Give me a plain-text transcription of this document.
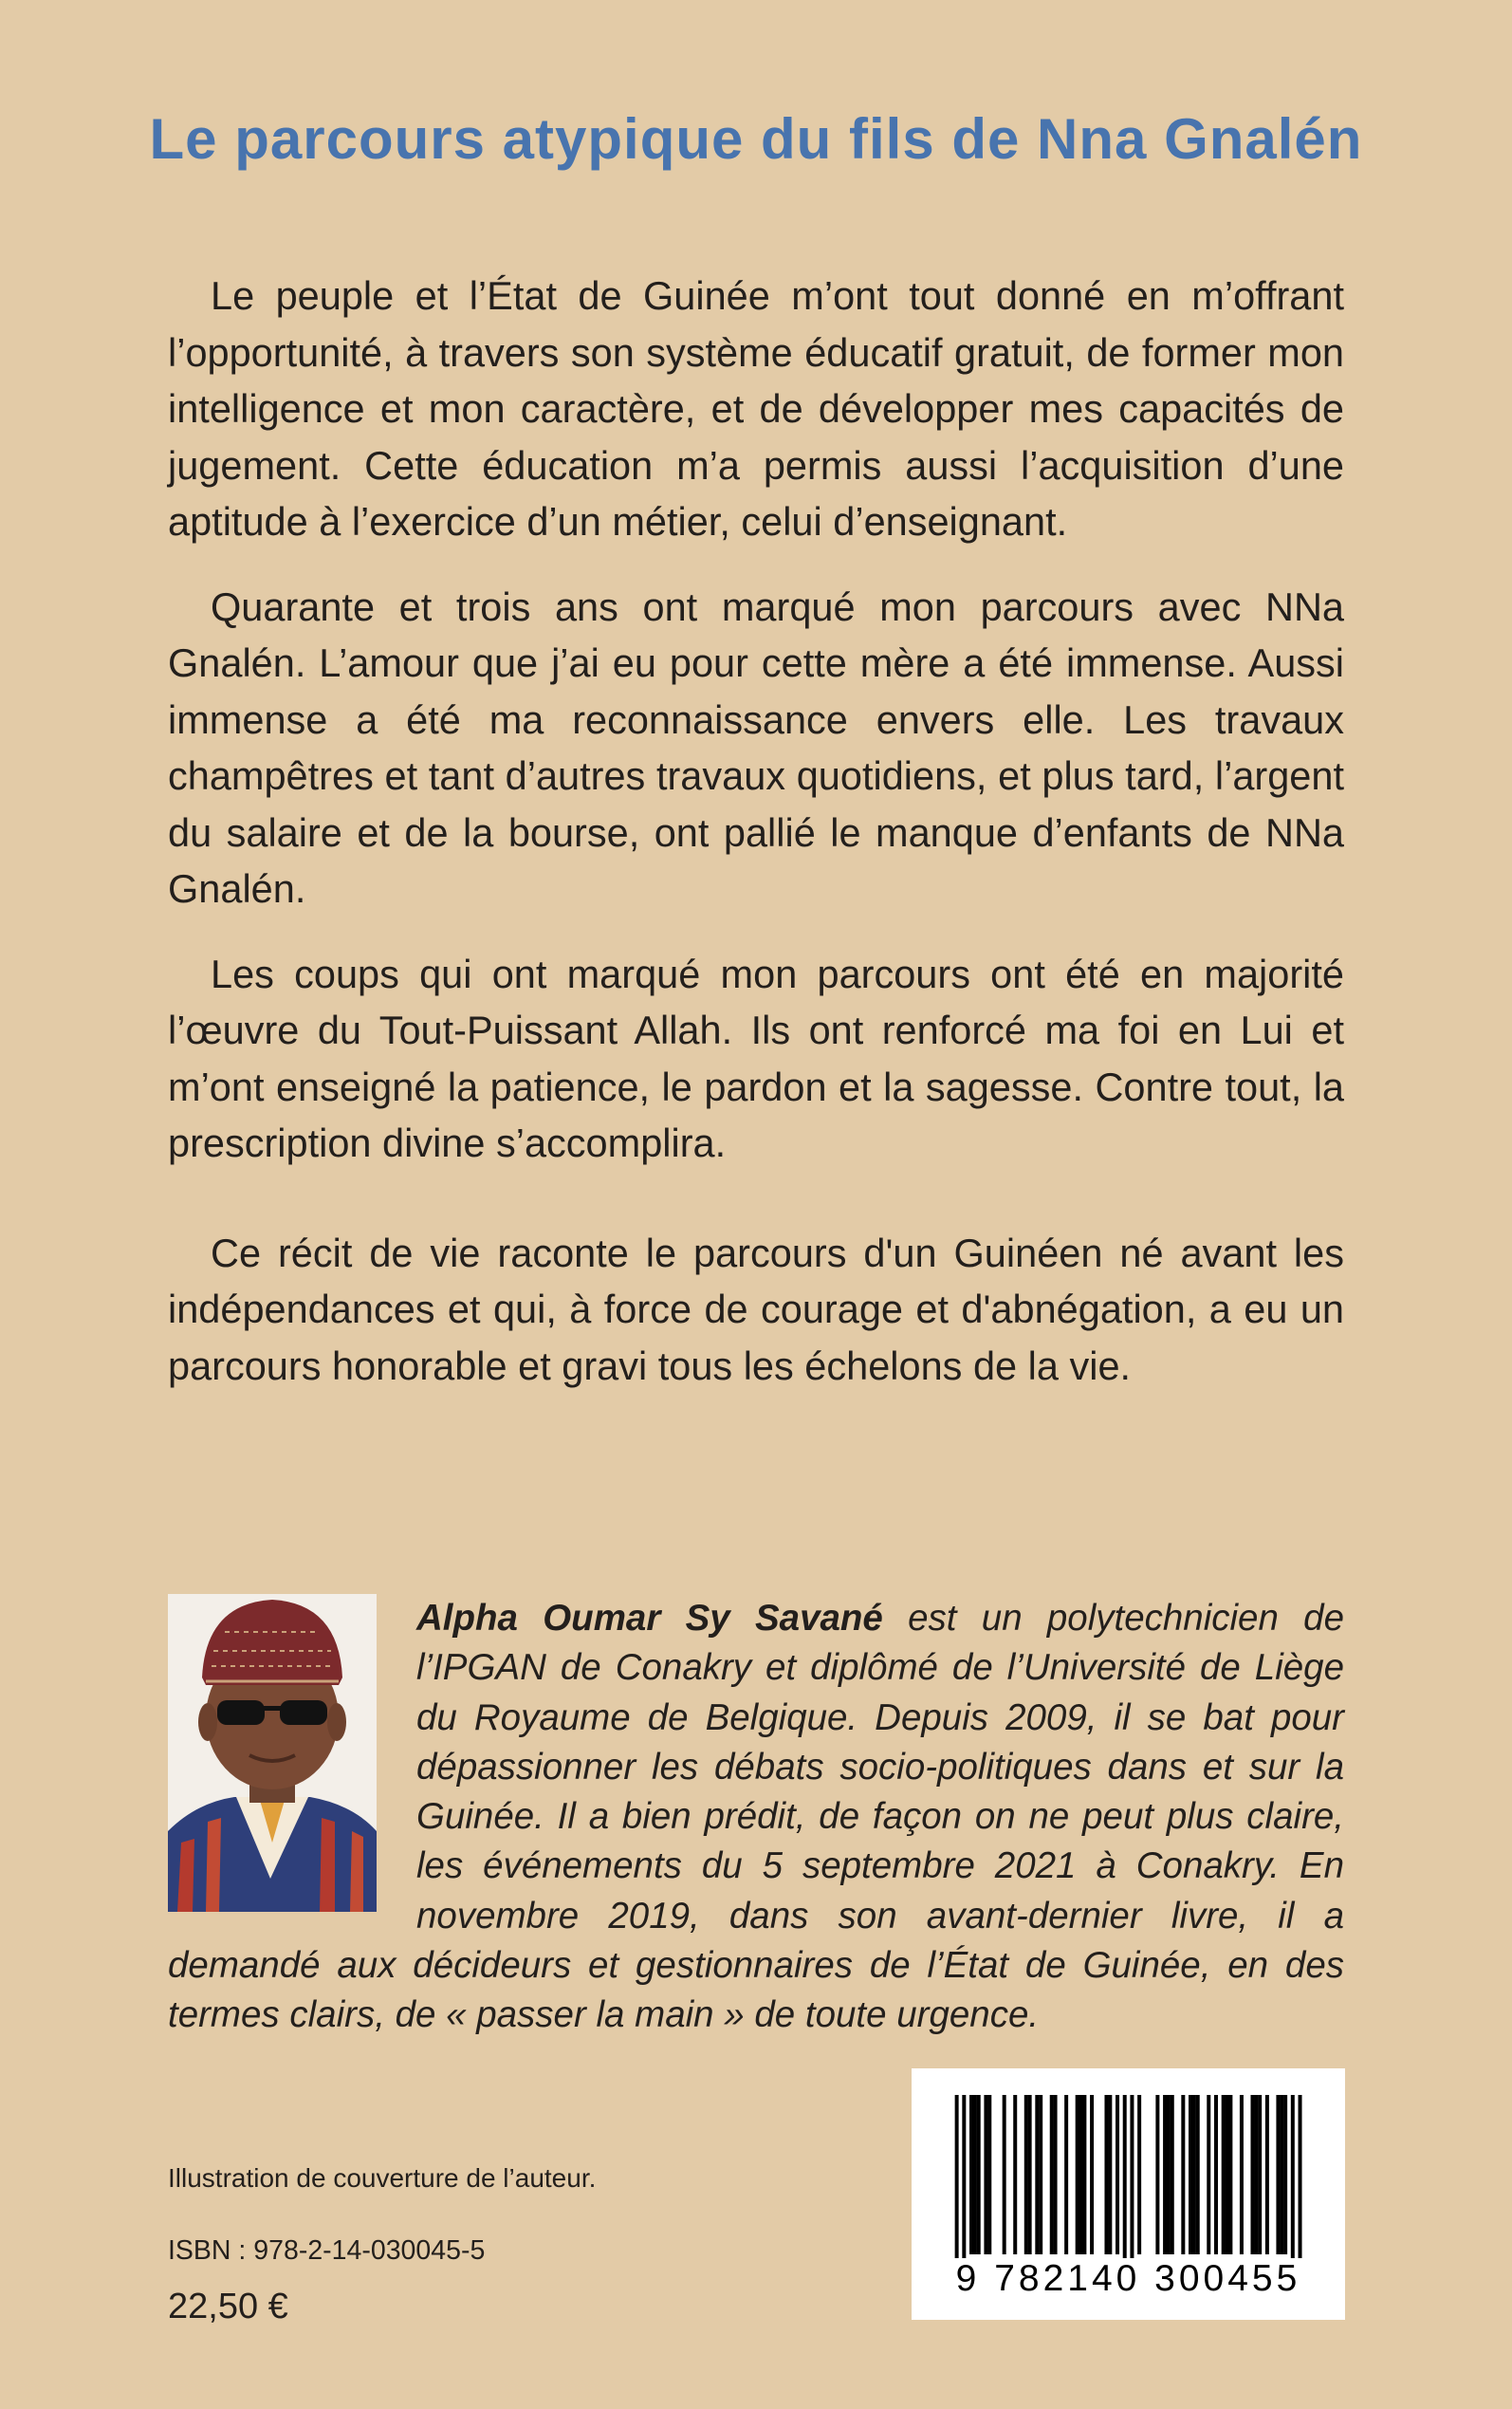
Le parcours atypique du fils de Nna Gnalén

Le peuple et l’État de Guinée m’ont tout donné en m’offrant l’opportunité, à travers son système éducatif gratuit, de former mon intelligence et mon caractère, et de développer mes capacités de jugement. Cette éducation m’a permis aussi l’acquisition d’une aptitude à l’exercice d’un métier, celui d’enseignant.

Quarante et trois ans ont marqué mon parcours avec NNa Gnalén. L’amour que j’ai eu pour cette mère a été immense. Aussi immense a été ma reconnaissance envers elle. Les travaux champêtres et tant d’autres travaux quotidiens, et plus tard, l’argent du salaire et de la bourse, ont pallié le manque d’enfants de NNa Gnalén.

Les coups qui ont marqué mon parcours ont été en majorité l’œuvre du Tout-Puissant Allah. Ils ont renforcé ma foi en Lui et m’ont enseigné la patience, le pardon et la sagesse. Contre tout, la prescription divine s’accomplira.

Ce récit de vie raconte le parcours d'un Guinéen né avant les indépendances et qui, à force de courage et d'abnégation, a eu un parcours honorable et gravi tous les échelons de la vie.

Alpha Oumar Sy Savané est un polytechnicien de l’IPGAN de Conakry et diplômé de l’Université de Liège du Royaume de Belgique. Depuis 2009, il se bat pour dépassionner les débats socio-politiques dans et sur la Guinée. Il a bien prédit, de façon on ne peut plus claire, les événements du 5 septembre 2021 à Conakry. En novembre 2019, dans son avant-dernier livre, il a demandé aux décideurs et gestionnaires de l’État de Guinée, en des termes clairs, de « passer la main » de toute urgence.
Illustration de couverture de l’auteur.
ISBN : 978-2-14-030045-5
22,50 €
9 782140 300455
